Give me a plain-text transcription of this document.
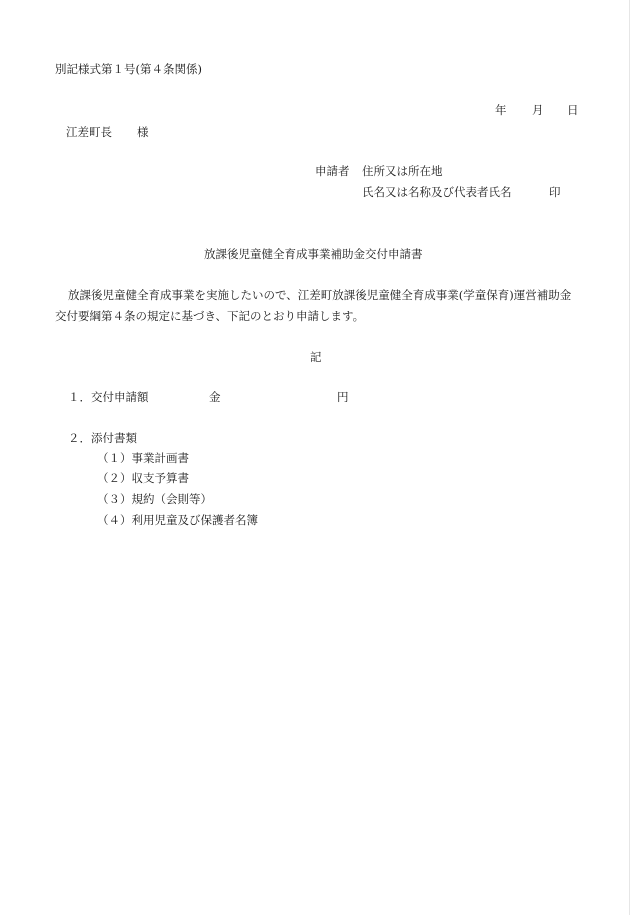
別記様式第１号(第４条関係)
年 月 日
江差町長 様
申請者 住所又は所在地
氏名又は名称及び代表者氏名	印
放課後児童健全育成事業補助金交付申請書
放課後児童健全育成事業を実施したいので、江差町放課後児童健全育成事業(学童保育)運営補助金
交付要綱第４条の規定に基づき、下記のとおり申請します。
記
１．交付申請額	金	円
２．添付書類
（１）事業計画書
（２）収支予算書
（３）規約（会則等）
（４）利用児童及び保護者名簿
